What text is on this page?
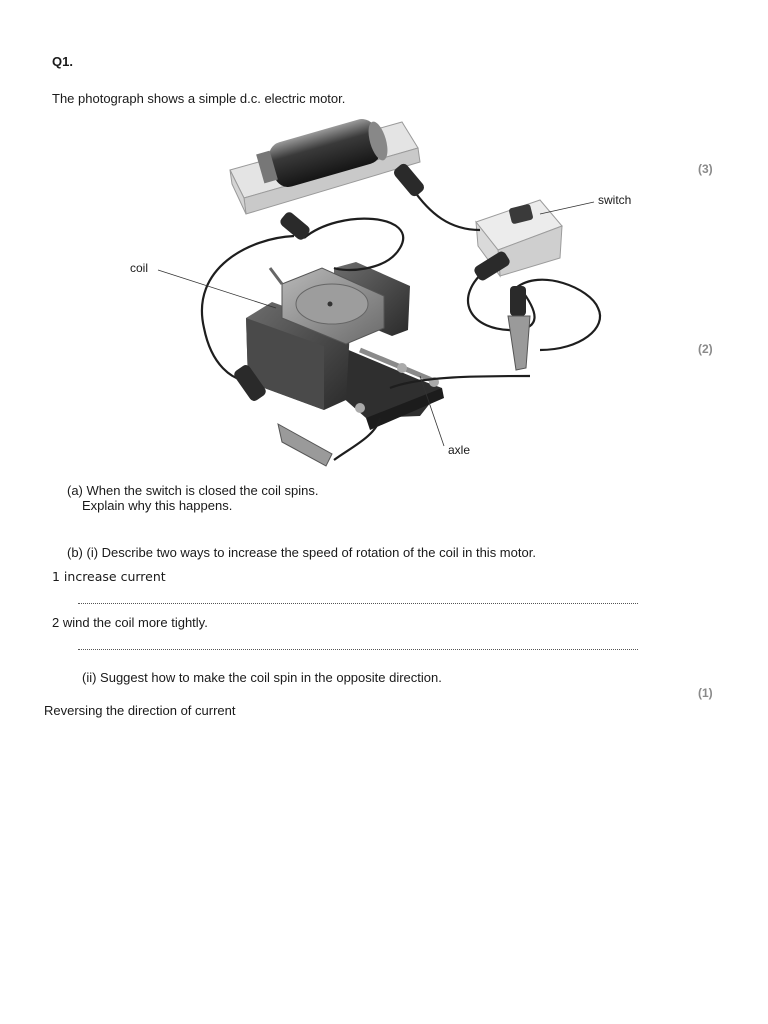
Q1.
The photograph shows a simple d.c. electric motor.
(3)
(2)
(1)
coil
switch
axle
(a) When the switch is closed the coil spins.
Explain why this happens.
(b) (i) Describe two ways to increase the speed of rotation of the coil in this motor.
1 increase current
2 wind the coil more tightly.
(ii) Suggest how to make the coil spin in the opposite direction.
Reversing the direction of current
